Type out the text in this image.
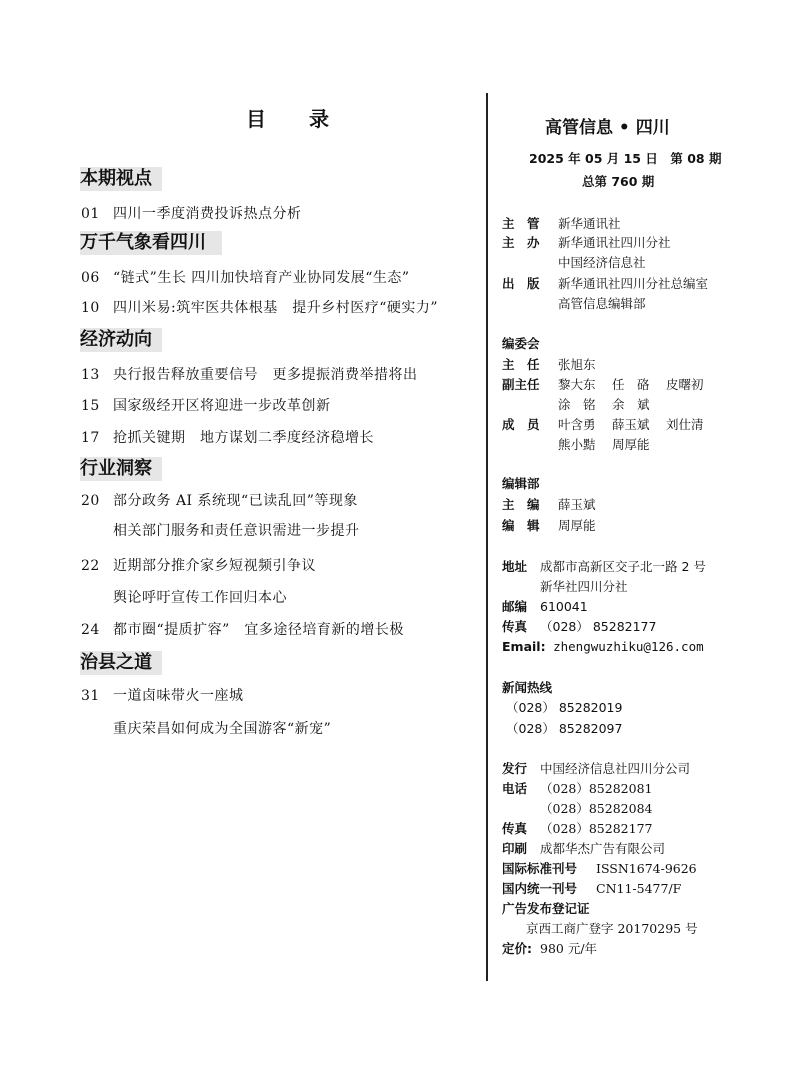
目 录
本期视点
01 四川一季度消费投诉热点分析
万千气象看四川
06 “链式”生长 四川加快培育产业协同发展“生态”
10 四川米易:筑牢医共体根基　提升乡村医疗“硬实力”
经济动向
13 央行报告释放重要信号　更多提振消费举措将出
15 国家级经开区将迎进一步改革创新
17 抢抓关键期　地方谋划二季度经济稳增长
行业洞察
20 部分政务 AI 系统现“已读乱回”等现象
相关部门服务和责任意识需进一步提升
22 近期部分推介家乡短视频引争议
舆论呼吁宣传工作回归本心
24 都市圈“提质扩容”　宜多途径培育新的增长极
治县之道
31 一道卤味带火一座城
重庆荣昌如何成为全国游客“新宠”
高管信息 • 四川
2025 年 05 月 15 日　第 08 期
总第 760 期
主　管 新华通讯社
主　办 新华通讯社四川分社
中国经济信息社
出　版 新华通讯社四川分社总编室
高管信息编辑部
编委会
主　任 张旭东
副主任 黎大东　 任　硌　 皮曙初
涂　铭　 余　斌
成　员 叶含勇　 薛玉斌　 刘仕清
熊小黠　 周厚能
编辑部
主　编 薛玉斌
编　辑 周厚能
地址 成都市高新区交子北一路 2 号
新华社四川分社
邮编 610041
传真 （028） 85282177
Email: zhengwuzhiku@126.com
新闻热线
（028） 85282019
（028） 85282097
发行 中国经济信息社四川分公司
电话 （028）85282081
（028）85282084
传真 （028）85282177
印刷 成都华杰广告有限公司
国际标准刊号 ISSN1674-9626
国内统一刊号 CN11-5477/F
广告发布登记证
京西工商广登字 20170295 号
定价: 980 元/年
